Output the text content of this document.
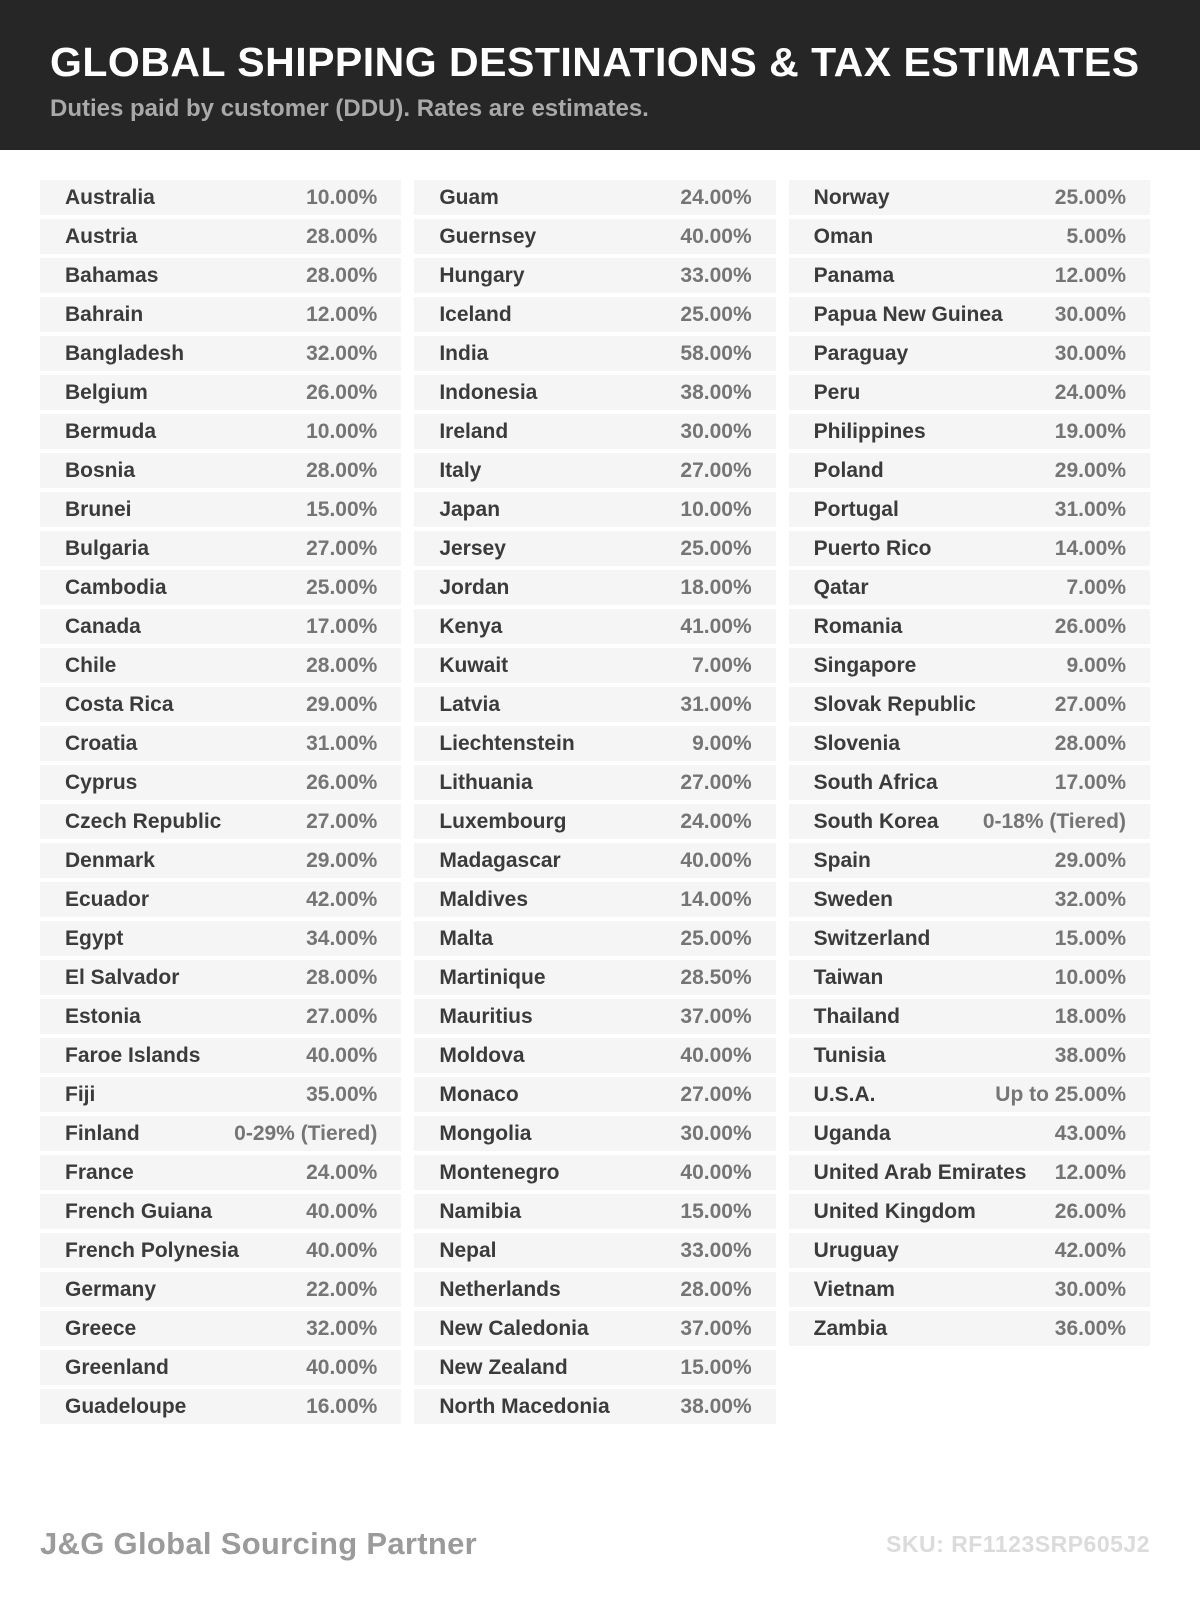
GLOBAL SHIPPING DESTINATIONS & TAX ESTIMATES

Duties paid by customer (DDU). Rates are estimates.

Australia	10.00%
Austria	28.00%
Bahamas	28.00%
Bahrain	12.00%
Bangladesh	32.00%
Belgium	26.00%
Bermuda	10.00%
Bosnia	28.00%
Brunei	15.00%
Bulgaria	27.00%
Cambodia	25.00%
Canada	17.00%
Chile	28.00%
Costa Rica	29.00%
Croatia	31.00%
Cyprus	26.00%
Czech Republic	27.00%
Denmark	29.00%
Ecuador	42.00%
Egypt	34.00%
El Salvador	28.00%
Estonia	27.00%
Faroe Islands	40.00%
Fiji	35.00%
Finland	0-29% (Tiered)
France	24.00%
French Guiana	40.00%
French Polynesia	40.00%
Germany	22.00%
Greece	32.00%
Greenland	40.00%
Guadeloupe	16.00%
Guam	24.00%
Guernsey	40.00%
Hungary	33.00%
Iceland	25.00%
India	58.00%
Indonesia	38.00%
Ireland	30.00%
Italy	27.00%
Japan	10.00%
Jersey	25.00%
Jordan	18.00%
Kenya	41.00%
Kuwait	7.00%
Latvia	31.00%
Liechtenstein	9.00%
Lithuania	27.00%
Luxembourg	24.00%
Madagascar	40.00%
Maldives	14.00%
Malta	25.00%
Martinique	28.50%
Mauritius	37.00%
Moldova	40.00%
Monaco	27.00%
Mongolia	30.00%
Montenegro	40.00%
Namibia	15.00%
Nepal	33.00%
Netherlands	28.00%
New Caledonia	37.00%
New Zealand	15.00%
North Macedonia	38.00%
Norway	25.00%
Oman	5.00%
Panama	12.00%
Papua New Guinea 30.00%
Paraguay	30.00%
Peru	24.00%
Philippines	19.00%
Poland	29.00%
Portugal	31.00%
Puerto Rico	14.00%
Qatar	7.00%
Romania	26.00%
Singapore	9.00%
Slovak Republic	27.00%
Slovenia	28.00%
South Africa	17.00%
South Korea 0-18% (Tiered)
Spain	29.00%
Sweden	32.00%
Switzerland	15.00%
Taiwan	10.00%
Thailand	18.00%
Tunisia	38.00%
U.S.A.	Up to 25.00%
Uganda	43.00%
United Arab Emirates 12.00%
United Kingdom	26.00%
Uruguay	42.00%
Vietnam	30.00%
Zambia	36.00%
J&G Global Sourcing Partner	SKU: RF1123SRP605J2
